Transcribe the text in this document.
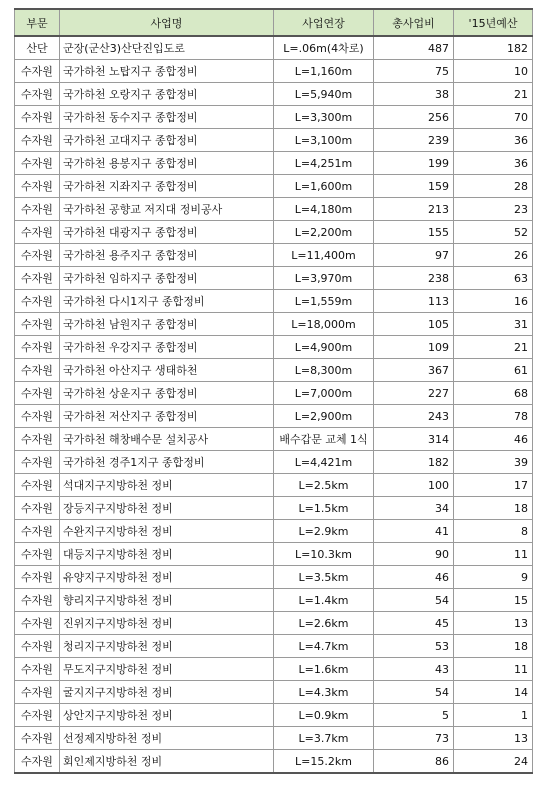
부문	사업명	사업연장	총사업비	'15년예산
산단	군장(군산3)산단진입도로	L=.06m(4차로)	487	182
수자원	국가하천 노탑지구 종합정비	L=1,160m	75	10
수자원	국가하천 오랑지구 종합정비	L=5,940m	38	21
수자원	국가하천 동수지구 종합정비	L=3,300m	256	70
수자원	국가하천 고대지구 종합정비	L=3,100m	239	36
수자원	국가하천 용봉지구 종합정비	L=4,251m	199	36
수자원	국가하천 지좌지구 종합정비	L=1,600m	159	28
수자원	국가하천 공향교 저지대 정비공사	L=4,180m	213	23
수자원	국가하천 대광지구 종합정비	L=2,200m	155	52
수자원	국가하천 용주지구 종합정비	L=11,400m	97	26
수자원	국가하천 임하지구 종합정비	L=3,970m	238	63
수자원	국가하천 다시1지구 종합정비	L=1,559m	113	16
수자원	국가하천 남원지구 종합정비	L=18,000m	105	31
수자원	국가하천 우강지구 종합정비	L=4,900m	109	21
수자원	국가하천 아산지구 생태하천	L=8,300m	367	61
수자원	국가하천 상운지구 종합정비	L=7,000m	227	68
수자원	국가하천 저산지구 종합정비	L=2,900m	243	78
수자원	국가하천 해창배수문 설치공사	배수갑문 교체 1식	314	46
수자원	국가하천 경주1지구 종합정비	L=4,421m	182	39
수자원	석대지구지방하천 정비	L=2.5km	100	17
수자원	장등지구지방하천 정비	L=1.5km	34	18
수자원	수완지구지방하천 정비	L=2.9km	41	8
수자원	대등지구지방하천 정비	L=10.3km	90	11
수자원	유양지구지방하천 정비	L=3.5km	46	9
수자원	향리지구지방하천 정비	L=1.4km	54	15
수자원	진위지구지방하천 정비	L=2.6km	45	13
수자원	청리지구지방하천 정비	L=4.7km	53	18
수자원	무도지구지방하천 정비	L=1.6km	43	11
수자원	굴지지구지방하천 정비	L=4.3km	54	14
수자원	상안지구지방하천 정비	L=0.9km	5	1
수자원	선정제지방하천 정비	L=3.7km	73	13
수자원	회인제지방하천 정비	L=15.2km	86	24
